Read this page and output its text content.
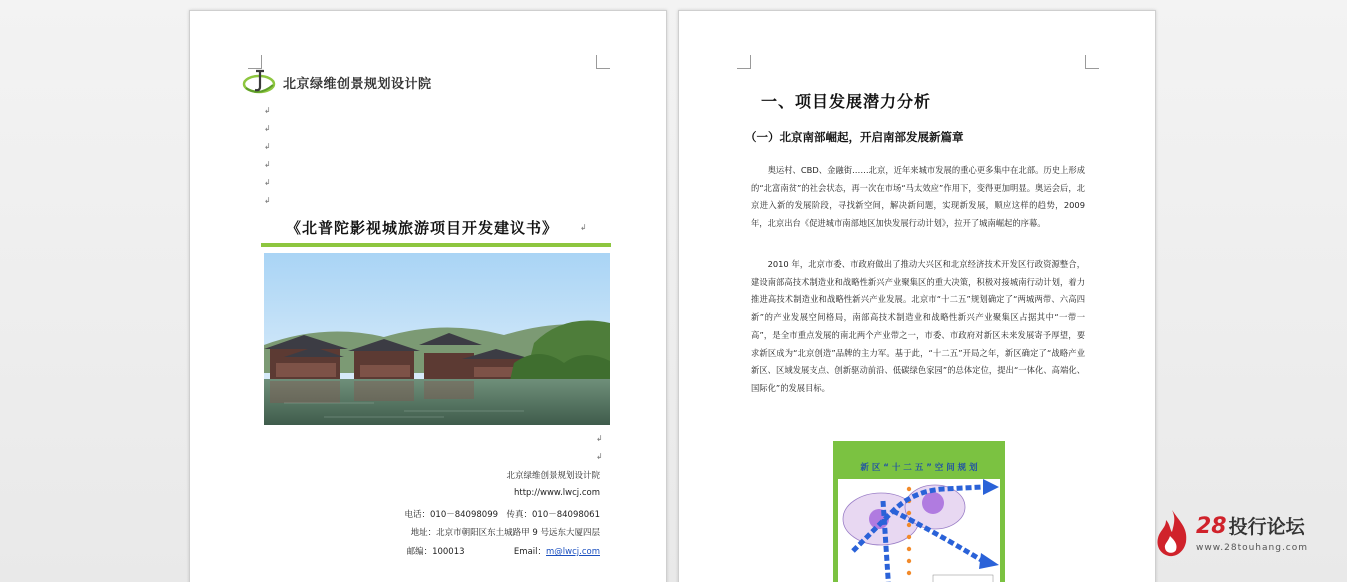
北京绿维创景规划设计院
↲
↲
↲
↲
↲
↲
《北普陀影视城旅游项目开发建议书》	↲
↲
↲
北京绿维创景规划设计院
http://www.lwcj.com
电话：010－84098099　传真：010－84098061
地址：北京市朝阳区东土城路甲 9 号远东大厦四层
邮编：100013	Email：m@lwcj.com
一、项目发展潜力分析
（一）北京南部崛起，开启南部发展新篇章
奥运村、CBD、金融街……北京，近年来城市发展的重心更多集中在北部。历史上形成的“北富南贫”的社会状态，再一次在市场“马太效应”作用下，变得更加明显。奥运会后，北京进入新的发展阶段，寻找新空间，解决新问题，实现新发展，顺应这样的趋势，2009 年，北京出台《促进城市南部地区加快发展行动计划》，拉开了城南崛起的序幕。
2010 年，北京市委、市政府做出了推动大兴区和北京经济技术开发区行政资源整合，建设南部高技术制造业和战略性新兴产业聚集区的重大决策，积极对接城南行动计划，着力推进高技术制造业和战略性新兴产业发展。北京市“十二五”规划确定了“两城两带、六高四新”的产业发展空间格局，南部高技术制造业和战略性新兴产业聚集区占据其中“一带一高”，是全市重点发展的南北两个产业带之一，市委、市政府对新区未来发展寄予厚望，要求新区成为“北京创造”品牌的主力军。基于此，“十二五”开局之年，新区确定了“战略产业新区、区域发展支点、创新驱动前沿、低碳绿色家园”的总体定位，提出“一体化、高端化、国际化”的发展目标。
新 区 “ 十 二 五 ” 空 间 规 划
28 投行论坛
www.28touhang.com
